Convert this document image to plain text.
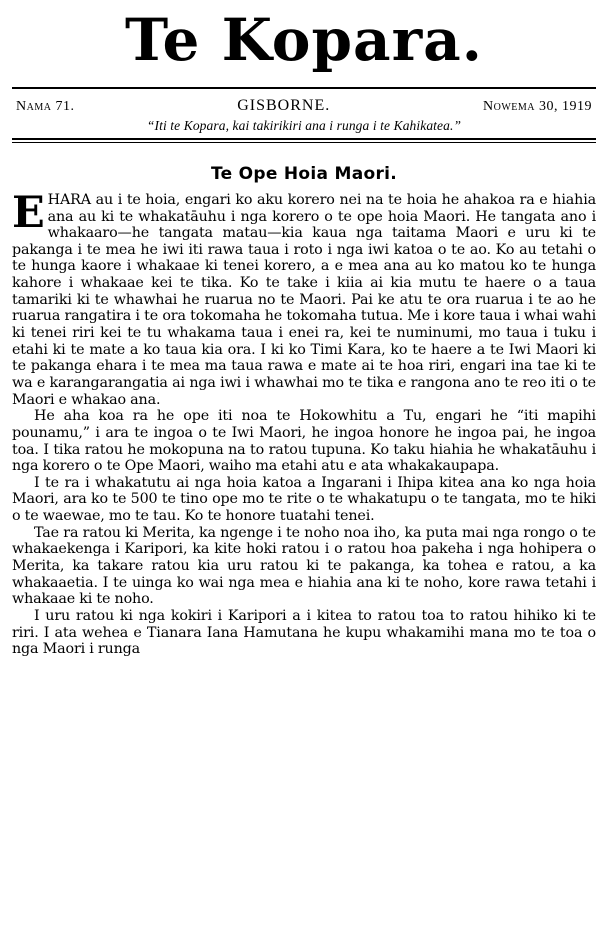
Te Kopara.
Nama 71.	GISBORNE.	Nowema 30, 1919
“Iti te Kopara, kai takirikiri ana i runga i te Kahikatea.”
Te Ope Hoia Maori.

EHARA au i te hoia, engari ko aku korero nei na te hoia he ahakoa ra e hiahia ana au ki te whakatāuhu i nga korero o te ope hoia Maori. He tangata ano i whakaaro—he tangata matau—kia kaua nga taitama Maori e uru ki te pakanga i te mea he iwi iti rawa taua i roto i nga iwi katoa o te ao. Ko au tetahi o te hunga kaore i whakaae ki tenei korero, a e mea ana au ko matou ko te hunga kahore i whakaae kei te tika. Ko te take i kiia ai kia mutu te haere o a taua tamariki ki te whawhai he ruarua no te Maori. Pai ke atu te ora ruarua i te ao he ruarua rangatira i te ora tokomaha he tokomaha tutua. Me i kore taua i whai wahi ki tenei riri kei te tu whakama taua i enei ra, kei te numinumi, mo taua i tuku i etahi ki te mate a ko taua kia ora. I ki ko Timi Kara, ko te haere a te Iwi Maori ki te pakanga ehara i te mea ma taua rawa e mate ai te hoa riri, engari ina tae ki te wa e karangarangatia ai nga iwi i whawhai mo te tika e rangona ano te reo iti o te Maori e whakao ana.

He aha koa ra he ope iti noa te Hokowhitu a Tu, engari he “iti mapihi pounamu,” i ara te ingoa o te Iwi Maori, he ingoa honore he ingoa pai, he ingoa toa. I tika ratou he mokopuna na to ratou tupuna. Ko taku hiahia he whakatāuhu i nga korero o te Ope Maori, waiho ma etahi atu e ata whakakaupapa.

I te ra i whakatutu ai nga hoia katoa a Ingarani i Ihipa kitea ana ko nga hoia Maori, ara ko te 500 te tino ope mo te rite o te whakatupu o te tangata, mo te hiki o te waewae, mo te tau. Ko te honore tuatahi tenei.

Tae ra ratou ki Merita, ka ngenge i te noho noa iho, ka puta mai nga rongo o te whakaekenga i Karipori, ka kite hoki ratou i o ratou hoa pakeha i nga hohipera o Merita, ka takare ratou kia uru ratou ki te pakanga, ka tohea e ratou, a ka whakaaetia. I te uinga ko wai nga mea e hiahia ana ki te noho, kore rawa tetahi i whakaae ki te noho.

I uru ratou ki nga kokiri i Karipori a i kitea to ratou toa to ratou hihiko ki te riri. I ata wehea e Tianara Iana Hamutana he kupu whakamihi mana mo te toa o nga Maori i runga
